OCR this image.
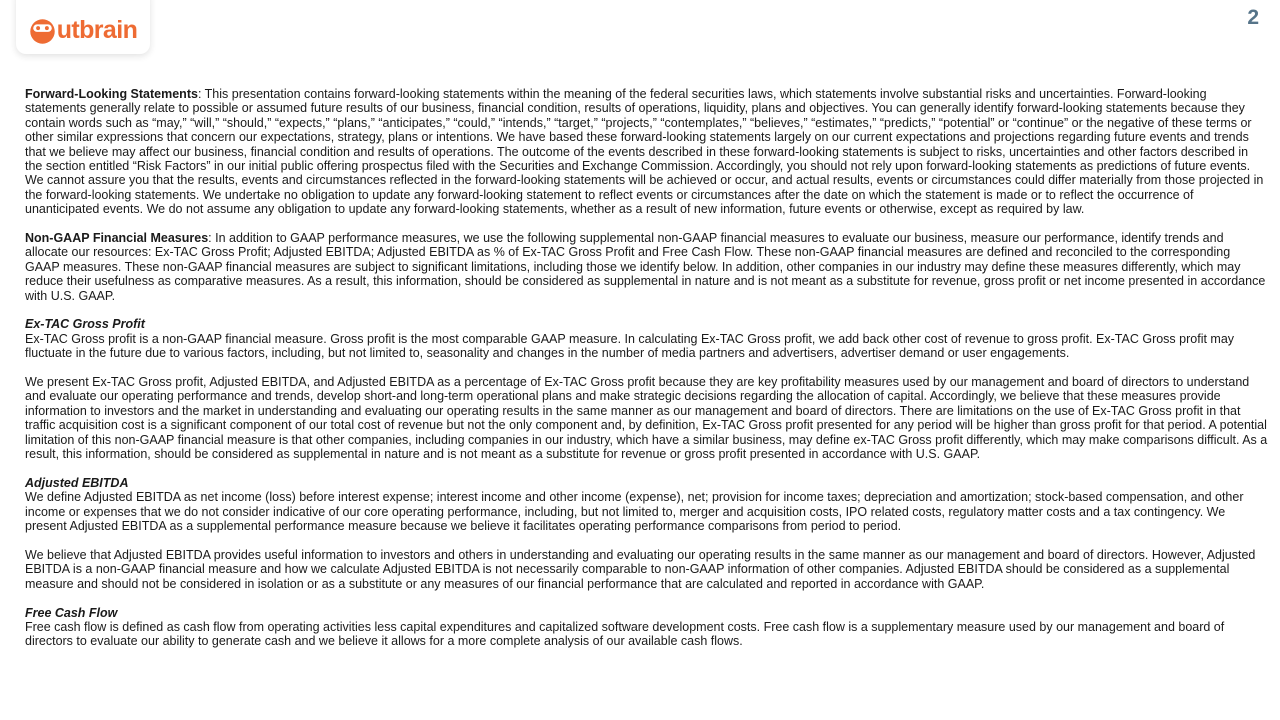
utbrain	2

Forward-Looking Statements: This presentation contains forward-looking statements within the meaning of the federal securities laws, which statements involve substantial risks and uncertainties. Forward-looking statements generally relate to possible or assumed future results of our business, financial condition, results of operations, liquidity, plans and objectives. You can generally identify forward-looking statements because they contain words such as “may,” “will,” “should,” “expects,” “plans,” “anticipates,” “could,” “intends,” “target,” “projects,” “contemplates,” “believes,” “estimates,” “predicts,” “potential” or “continue” or the negative of these terms or other similar expressions that concern our expectations, strategy, plans or intentions. We have based these forward-looking statements largely on our current expectations and projections regarding future events and trends that we believe may affect our business, financial condition and results of operations. The outcome of the events described in these forward-looking statements is subject to risks, uncertainties and other factors described in the section entitled “Risk Factors” in our initial public offering prospectus filed with the Securities and Exchange Commission. Accordingly, you should not rely upon forward-looking statements as predictions of future events. We cannot assure you that the results, events and circumstances reflected in the forward-looking statements will be achieved or occur, and actual results, events or circumstances could differ materially from those projected in the forward-looking statements. We undertake no obligation to update any forward-looking statement to reflect events or circumstances after the date on which the statement is made or to reflect the occurrence of unanticipated events. We do not assume any obligation to update any forward-looking statements, whether as a result of new information, future events or otherwise, except as required by law.

Non-GAAP Financial Measures: In addition to GAAP performance measures, we use the following supplemental non-GAAP financial measures to evaluate our business, measure our performance, identify trends and allocate our resources: Ex-TAC Gross Profit; Adjusted EBITDA; Adjusted EBITDA as % of Ex-TAC Gross Profit and Free Cash Flow. These non-GAAP financial measures are defined and reconciled to the corresponding GAAP measures. These non-GAAP financial measures are subject to significant limitations, including those we identify below. In addition, other companies in our industry may define these measures differently, which may reduce their usefulness as comparative measures. As a result, this information, should be considered as supplemental in nature and is not meant as a substitute for revenue, gross profit or net income presented in accordance with U.S. GAAP.

Ex-TAC Gross Profit

Ex-TAC Gross profit is a non-GAAP financial measure. Gross profit is the most comparable GAAP measure. In calculating Ex-TAC Gross profit, we add back other cost of revenue to gross profit. Ex-TAC Gross profit may fluctuate in the future due to various factors, including, but not limited to, seasonality and changes in the number of media partners and advertisers, advertiser demand or user engagements.

We present Ex-TAC Gross profit, Adjusted EBITDA, and Adjusted EBITDA as a percentage of Ex-TAC Gross profit because they are key profitability measures used by our management and board of directors to understand and evaluate our operating performance and trends, develop short-and long-term operational plans and make strategic decisions regarding the allocation of capital. Accordingly, we believe that these measures provide information to investors and the market in understanding and evaluating our operating results in the same manner as our management and board of directors. There are limitations on the use of Ex-TAC Gross profit in that traffic acquisition cost is a significant component of our total cost of revenue but not the only component and, by definition, Ex-TAC Gross profit presented for any period will be higher than gross profit for that period. A potential limitation of this non-GAAP financial measure is that other companies, including companies in our industry, which have a similar business, may define ex-TAC Gross profit differently, which may make comparisons difficult. As a result, this information, should be considered as supplemental in nature and is not meant as a substitute for revenue or gross profit presented in accordance with U.S. GAAP.

Adjusted EBITDA

We define Adjusted EBITDA as net income (loss) before interest expense; interest income and other income (expense), net; provision for income taxes; depreciation and amortization; stock-based compensation, and other income or expenses that we do not consider indicative of our core operating performance, including, but not limited to, merger and acquisition costs, IPO related costs, regulatory matter costs and a tax contingency. We present Adjusted EBITDA as a supplemental performance measure because we believe it facilitates operating performance comparisons from period to period.

We believe that Adjusted EBITDA provides useful information to investors and others in understanding and evaluating our operating results in the same manner as our management and board of directors. However, Adjusted EBITDA is a non-GAAP financial measure and how we calculate Adjusted EBITDA is not necessarily comparable to non-GAAP information of other companies. Adjusted EBITDA should be considered as a supplemental measure and should not be considered in isolation or as a substitute or any measures of our financial performance that are calculated and reported in accordance with GAAP.

Free Cash Flow

Free cash flow is defined as cash flow from operating activities less capital expenditures and capitalized software development costs. Free cash flow is a supplementary measure used by our management and board of directors to evaluate our ability to generate cash and we believe it allows for a more complete analysis of our available cash flows.
